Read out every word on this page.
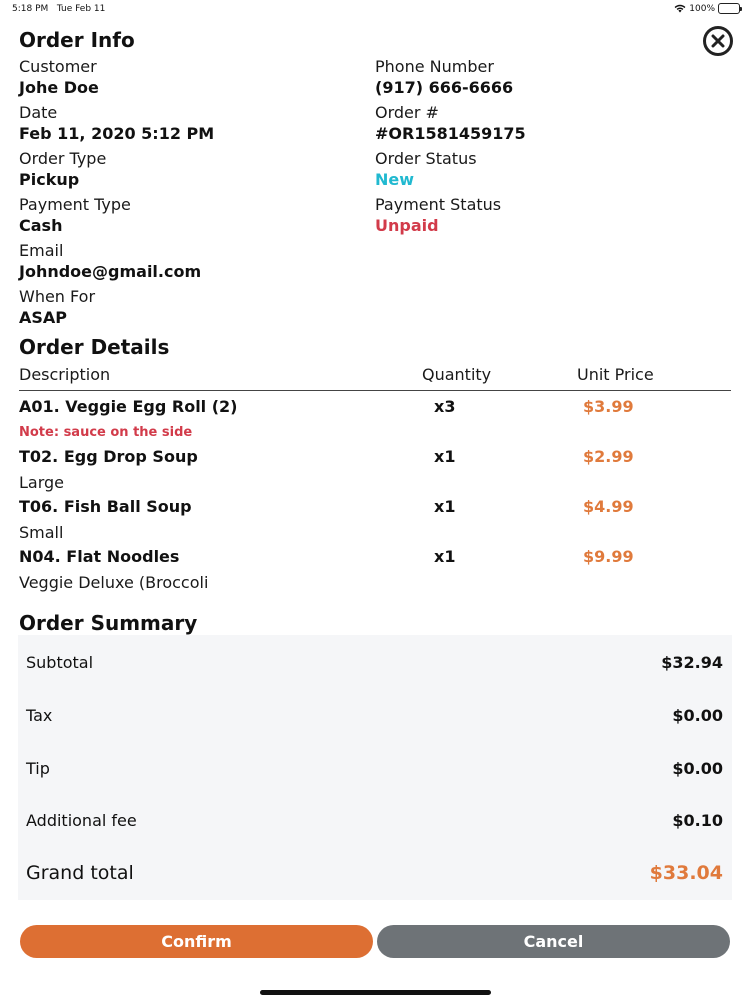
5:18 PM Tue Feb 11	100%
Order Info
Customer
Johe Doe
Phone Number
(917) 666-6666
Date
Feb 11, 2020 5:12 PM
Order #
#OR1581459175
Order Type
Pickup
Order Status
New
Payment Type
Cash
Payment Status
Unpaid
Email
Johndoe@gmail.com
When For
ASAP
Order Details
Description	Quantity	Unit Price
A01. Veggie Egg Roll (2)	x3	$3.99
Note: sauce on the side
T02. Egg Drop Soup	x1	$2.99
Large
T06. Fish Ball Soup	x1	$4.99
Small
N04. Flat Noodles	x1	$9.99
Veggie Deluxe (Broccoli
Order Summary
Subtotal	$32.94
Tax	$0.00
Tip	$0.00
Additional fee	$0.10
Grand total	$33.04
Confirm	Cancel
